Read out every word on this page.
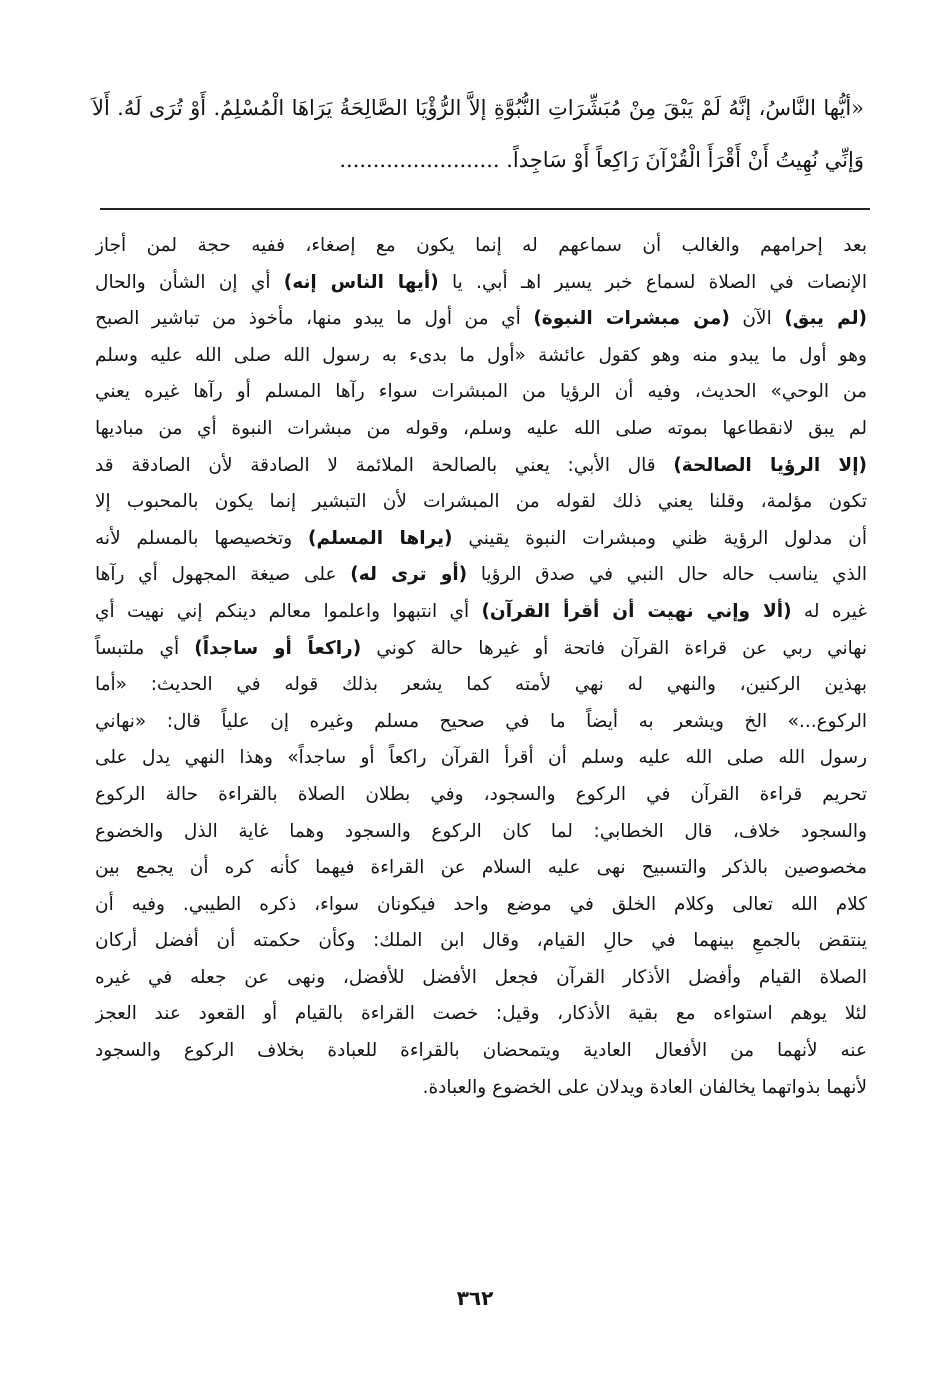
«أيُّها النَّاسُ، إنَّهُ لَمْ يَبْقَ مِنْ مُبَشِّرَاتِ النُّبُوَّةِ إلاَّ الرُّؤْيَا الصَّالِحَةُ يَرَاهَا الْمُسْلِمُ. أَوْ تُرَى لَهُ. أَلاَ وَإنِّي نُهِيتُ أَنْ أَقْرَأَ الْقُرْآنَ رَاكِعاً أَوْ سَاجِداً. ........................
بعد إحرامهم والغالب أن سماعهم له إنما يكون مع إصغاء، ففيه حجة لمن أجاز
الإنصات في الصلاة لسماع خبر يسير اهـ أبي. يا (أيها الناس إنه) أي إن الشأن والحال
(لم يبق) الآن (من مبشرات النبوة) أي من أول ما يبدو منها، مأخوذ من تباشير الصبح
وهو أول ما يبدو منه وهو كقول عائشة «أول ما بدىء به رسول الله صلى الله عليه وسلم
من الوحي» الحديث، وفيه أن الرؤيا من المبشرات سواء رآها المسلم أو رآها غيره يعني
لم يبق لانقطاعها بموته صلى الله عليه وسلم، وقوله من مبشرات النبوة أي من مباديها
(إلا الرؤيا الصالحة) قال الأبي: يعني بالصالحة الملائمة لا الصادقة لأن الصادقة قد
تكون مؤلمة، وقلنا يعني ذلك لقوله من المبشرات لأن التبشير إنما يكون بالمحبوب إلا
أن مدلول الرؤية ظني ومبشرات النبوة يقيني (يراها المسلم) وتخصيصها بالمسلم لأنه
الذي يناسب حاله حال النبي في صدق الرؤيا (أو ترى له) على صيغة المجهول أي رآها
غيره له (ألا وإني نهيت أن أقرأ القرآن) أي انتبهوا واعلموا معالم دينكم إني نهيت أي
نهاني ربي عن قراءة القرآن فاتحة أو غيرها حالة كوني (راكعاً أو ساجداً) أي ملتبساً
بهذين الركنين، والنهي له نهي لأمته كما يشعر بذلك قوله في الحديث: «أما
الركوع...» الخ ويشعر به أيضاً ما في صحيح مسلم وغيره إن علياً قال: «نهاني
رسول الله صلى الله عليه وسلم أن أقرأ القرآن راكعاً أو ساجداً» وهذا النهي يدل على
تحريم قراءة القرآن في الركوع والسجود، وفي بطلان الصلاة بالقراءة حالة الركوع
والسجود خلاف، قال الخطابي: لما كان الركوع والسجود وهما غاية الذل والخضوع
مخصوصين بالذكر والتسبيح نهى عليه السلام عن القراءة فيهما كأنه كره أن يجمع بين
كلام الله تعالى وكلام الخلق في موضع واحد فيكونان سواء، ذكره الطيبي. وفيه أن
ينتقض بالجمعِ بينهما في حالِ القيام، وقال ابن الملك: وكأن حكمته أن أفضل أركان
الصلاة القيام وأفضل الأذكار القرآن فجعل الأفضل للأفضل، ونهى عن جعله في غيره
لئلا يوهم استواءه مع بقية الأذكار، وقيل: خصت القراءة بالقيام أو القعود عند العجز
عنه لأنهما من الأفعال العادية ويتمحضان بالقراءة للعبادة بخلاف الركوع والسجود
لأنهما بذواتهما يخالفان العادة ويدلان على الخضوع والعبادة.
٣٦٢
